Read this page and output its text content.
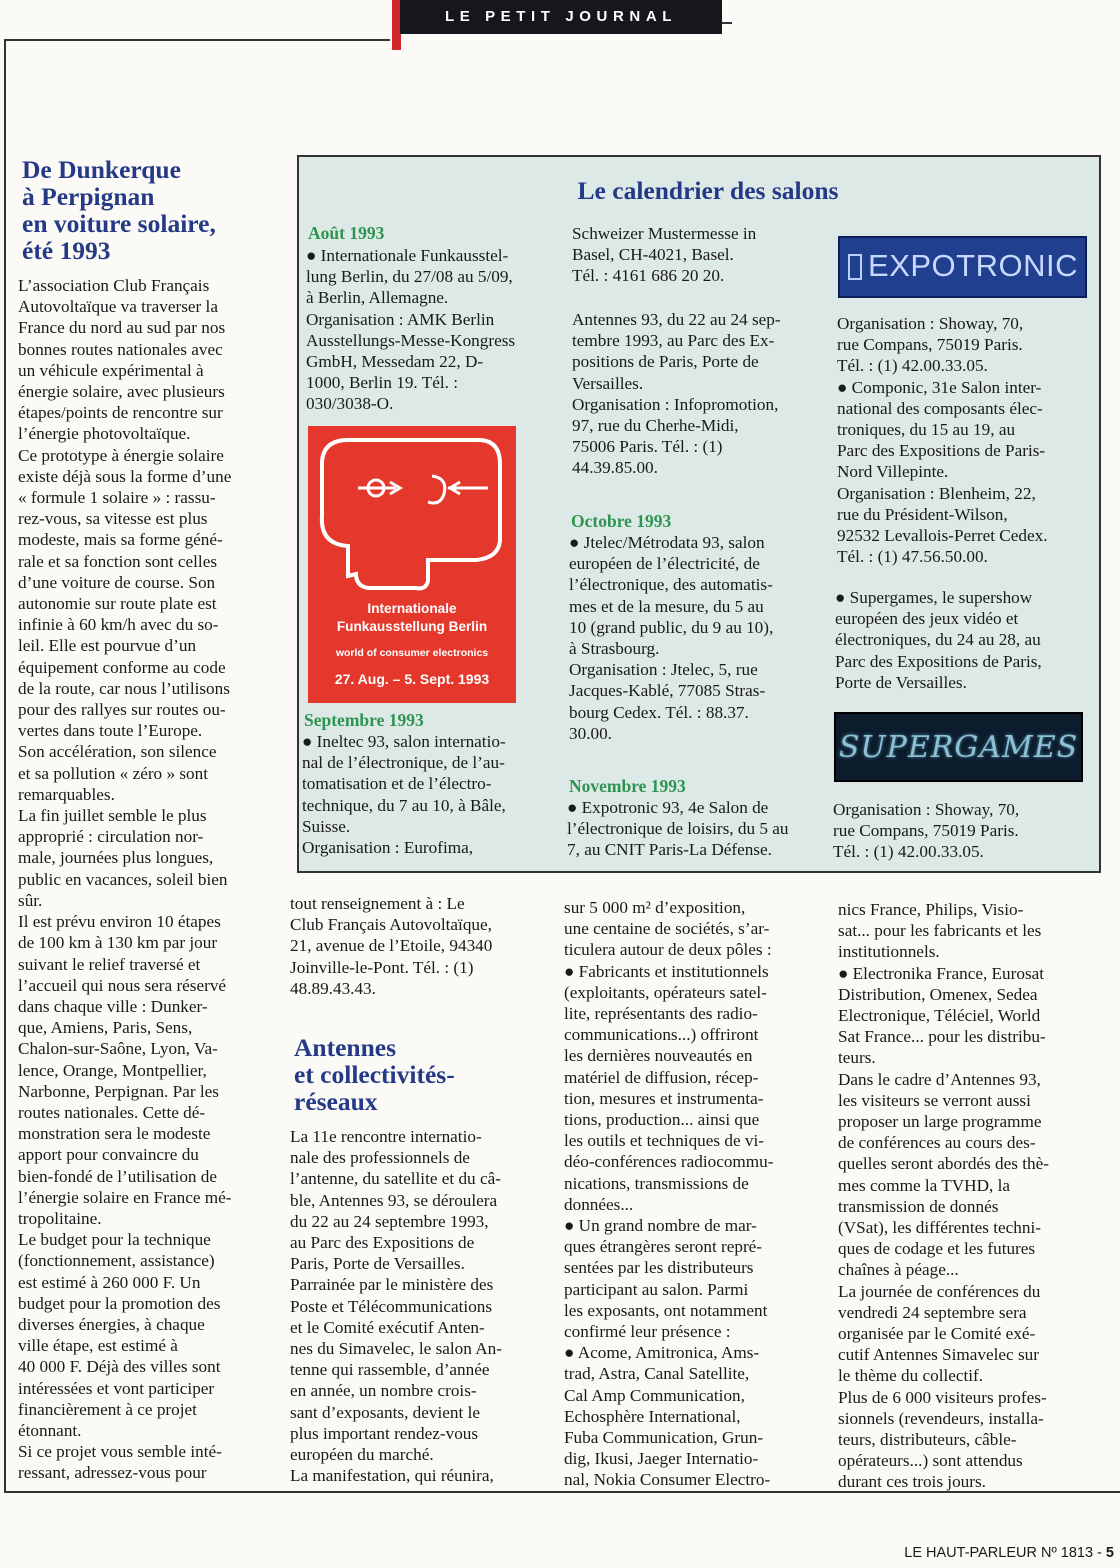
LE PETIT JOURNAL
De Dunkerque
à Perpignan
en voiture solaire,
été 1993
L’association Club Français
Autovoltaïque va traverser la
France du nord au sud par nos
bonnes routes nationales avec
un véhicule expérimental à
énergie solaire, avec plusieurs
étapes/points de rencontre sur
l’énergie photovoltaïque.
Ce prototype à énergie solaire
existe déjà sous la forme d’une
« formule 1 solaire » : rassu-
rez-vous, sa vitesse est plus
modeste, mais sa forme géné-
rale et sa fonction sont celles
d’une voiture de course. Son
autonomie sur route plate est
infinie à 60 km/h avec du so-
leil. Elle est pourvue d’un
équipement conforme au code
de la route, car nous l’utilisons
pour des rallyes sur routes ou-
vertes dans toute l’Europe.
Son accélération, son silence
et sa pollution « zéro » sont
remarquables.
La fin juillet semble le plus
approprié : circulation nor-
male, journées plus longues,
public en vacances, soleil bien
sûr.
Il est prévu environ 10 étapes
de 100 km à 130 km par jour
suivant le relief traversé et
l’accueil qui nous sera réservé
dans chaque ville : Dunker-
que, Amiens, Paris, Sens,
Chalon-sur-Saône, Lyon, Va-
lence, Orange, Montpellier,
Narbonne, Perpignan. Par les
routes nationales. Cette dé-
monstration sera le modeste
apport pour convaincre du
bien-fondé de l’utilisation de
l’énergie solaire en France mé-
tropolitaine.
Le budget pour la technique
(fonctionnement, assistance)
est estimé à 260 000 F. Un
budget pour la promotion des
diverses énergies, à chaque
ville étape, est estimé à
40 000 F. Déjà des villes sont
intéressées et vont participer
financièrement à ce projet
étonnant.
Si ce projet vous semble inté-
ressant, adressez-vous pour
tout renseignement à : Le
Club Français Autovoltaïque,
21, avenue de l’Etoile, 94340
Joinville-le-Pont. Tél. : (1)
48.89.43.43.
Le calendrier des salons
Août 1993
● Internationale Funkausstel-
lung Berlin, du 27/08 au 5/09,
à Berlin, Allemagne.
Organisation : AMK Berlin
Ausstellungs-Messe-Kongress
GmbH, Messedam 22, D-
1000, Berlin 19. Tél. :
030/3038-O.
Internationale
Funkausstellung Berlin
world of consumer electronics
27. Aug. – 5. Sept. 1993
Septembre 1993
● Ineltec 93, salon internatio-
nal de l’électronique, de l’au-
tomatisation et de l’électro-
technique, du 7 au 10, à Bâle,
Suisse.
Organisation : Eurofima,
Schweizer Mustermesse in
Basel, CH-4021, Basel.
Tél. : 4161 686 20 20.
Antennes 93, du 22 au 24 sep-
tembre 1993, au Parc des Ex-
positions de Paris, Porte de
Versailles.
Organisation : Infopromotion,
97, rue du Cherhe-Midi,
75006 Paris. Tél. : (1)
44.39.85.00.
Octobre 1993
● Jtelec/Métrodata 93, salon
européen de l’électricité, de
l’électronique, des automatis-
mes et de la mesure, du 5 au
10 (grand public, du 9 au 10),
à Strasbourg.
Organisation : Jtelec, 5, rue
Jacques-Kablé, 77085 Stras-
bourg Cedex. Tél. : 88.37.
30.00.
Novembre 1993
● Expotronic 93, 4e Salon de
l’électronique de loisirs, du 5 au
7, au CNIT Paris-La Défense.
EXPOTRONIC
Organisation : Showay, 70,
rue Compans, 75019 Paris.
Tél. : (1) 42.00.33.05.
● Componic, 31e Salon inter-
national des composants élec-
troniques, du 15 au 19, au
Parc des Expositions de Paris-
Nord Villepinte.
Organisation : Blenheim, 22,
rue du Président-Wilson,
92532 Levallois-Perret Cedex.
Tél. : (1) 47.56.50.00.
● Supergames, le supershow
européen des jeux vidéo et
électroniques, du 24 au 28, au
Parc des Expositions de Paris,
Porte de Versailles.
SUPERGAMES
Organisation : Showay, 70,
rue Compans, 75019 Paris.
Tél. : (1) 42.00.33.05.
Antennes
et collectivités-
réseaux
La 11e rencontre internatio-
nale des professionnels de
l’antenne, du satellite et du câ-
ble, Antennes 93, se déroulera
du 22 au 24 septembre 1993,
au Parc des Expositions de
Paris, Porte de Versailles.
Parrainée par le ministère des
Poste et Télécommunications
et le Comité exécutif Anten-
nes du Simavelec, le salon An-
tenne qui rassemble, d’année
en année, un nombre crois-
sant d’exposants, devient le
plus important rendez-vous
européen du marché.
La manifestation, qui réunira,
sur 5 000 m² d’exposition,
une centaine de sociétés, s’ar-
ticulera autour de deux pôles :
● Fabricants et institutionnels
(exploitants, opérateurs satel-
lite, représentants des radio-
communications...) offriront
les dernières nouveautés en
matériel de diffusion, récep-
tion, mesures et instrumenta-
tions, production... ainsi que
les outils et techniques de vi-
déo-conférences radiocommu-
nications, transmissions de
données...
● Un grand nombre de mar-
ques étrangères seront repré-
sentées par les distributeurs
participant au salon. Parmi
les exposants, ont notamment
confirmé leur présence :
● Acome, Amitronica, Ams-
trad, Astra, Canal Satellite,
Cal Amp Communication,
Echosphère International,
Fuba Communication, Grun-
dig, Ikusi, Jaeger Internatio-
nal, Nokia Consumer Electro-
nics France, Philips, Visio-
sat... pour les fabricants et les
institutionnels.
● Electronika France, Eurosat
Distribution, Omenex, Sedea
Electronique, Téléciel, World
Sat France... pour les distribu-
teurs.
Dans le cadre d’Antennes 93,
les visiteurs se verront aussi
proposer un large programme
de conférences au cours des-
quelles seront abordés des thè-
mes comme la TVHD, la
transmission de donnés
(VSat), les différentes techni-
ques de codage et les futures
chaînes à péage...
La journée de conférences du
vendredi 24 septembre sera
organisée par le Comité exé-
cutif Antennes Simavelec sur
le thème du collectif.
Plus de 6 000 visiteurs profes-
sionnels (revendeurs, installa-
teurs, distributeurs, câble-
opérateurs...) sont attendus
durant ces trois jours.
LE HAUT-PARLEUR Nº 1813 - 5
